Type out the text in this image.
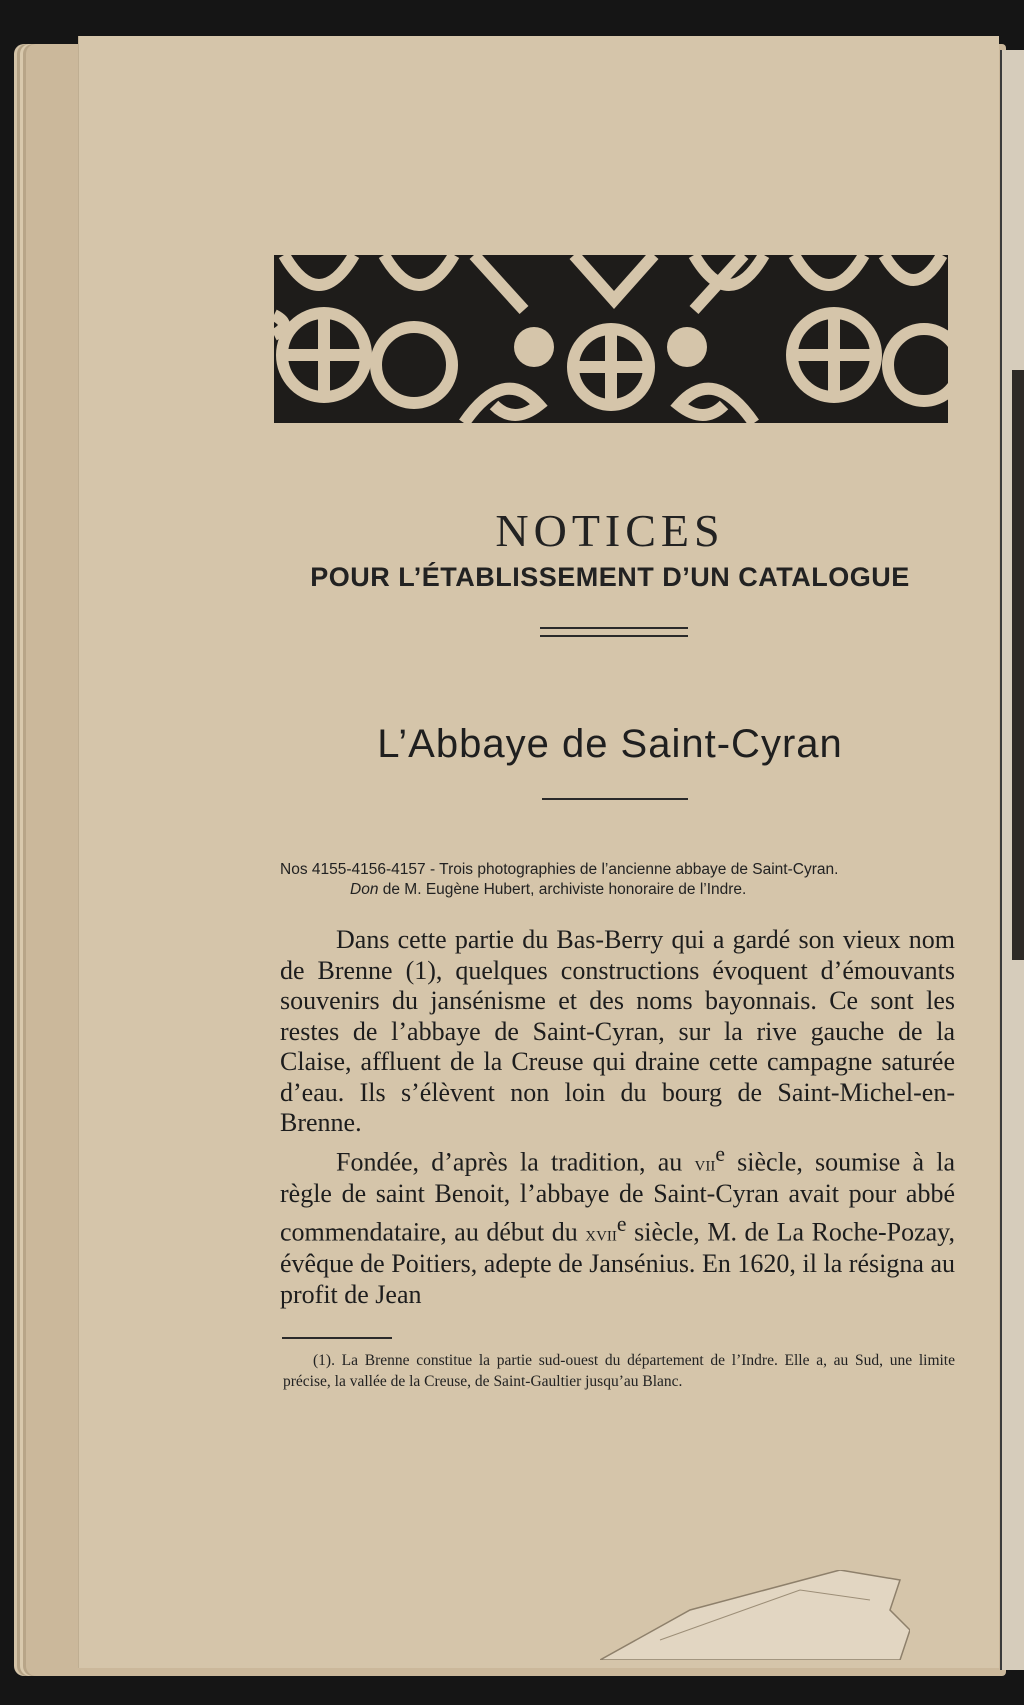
NOTICES
POUR L’ÉTABLISSEMENT D’UN CATALOGUE
L’Abbaye de Saint-Cyran
Nos 4155-4156-4157 - Trois photographies de l’ancienne abbaye de Saint-Cyran.
Don de M. Eugène Hubert, archiviste honoraire de l’Indre.

Dans cette partie du Bas-Berry qui a gardé son vieux nom de Brenne (1), quelques constructions évoquent d’émouvants souvenirs du jansénisme et des noms bayonnais. Ce sont les restes de l’abbaye de Saint-Cyran, sur la rive gauche de la Claise, affluent de la Creuse qui draine cette campagne saturée d’eau. Ils s’élèvent non loin du bourg de Saint-Michel-en-Brenne.

Fondée, d’après la tradition, au vii$^e$ siècle, soumise à la règle de saint Benoit, l’abbaye de Saint-Cyran avait pour abbé commendataire, au début du xvii$^e$ siècle, M. de La Roche-Pozay, évêque de Poitiers, adepte de Jansénius. En 1620, il la résigna au profit de Jean

(1). La Brenne constitue la partie sud-ouest du département de l’Indre. Elle a, au Sud, une limite précise, la vallée de la Creuse, de Saint-Gaultier jusqu’au Blanc.
